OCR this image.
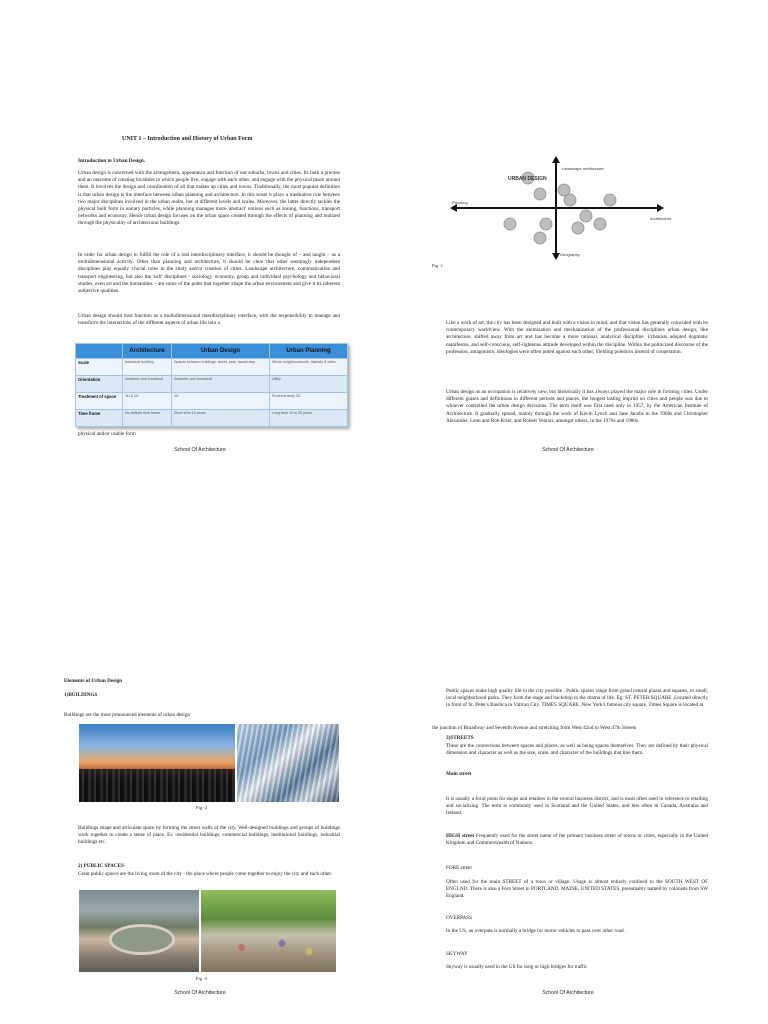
UNIT 1 – Introduction and History of Urban Form

Introduction to Urban Design.

Urban design is concerned with the arrangement, appearance and function of our suburbs, towns and cities. Its both a process and an outcome of creating localities in which people live, engage with each other, and engage with the physical place around them. It involves the design and coordination of all that makes up cities and towns. Traditionally, the most popular definition is that urban design is the interface between urban planning and architecture. In this sense it plays a meditative role between two major disciplines involved in the urban realm, but at different levels and scales. Moreover, the latter directly tackles the physical built form in unitary particles, while planning manages more 'abstract' notions such as zoning, functions, transport networks and economy. Hence urban design focuses on the urban space created through the effects of planning and realized through the physicality of architectural buildings.

In order for urban design to fulfill the role of a real interdisciplinary interface, it should be thought of – and taught – as a multidimensional activity. Other than planning and architecture, it should be clear that other seemingly independent disciplines play equally crucial roles in the study and/or creation of cities. Landscape architecture, communication and transport engineering, but also the 'soft' disciplines - sociology, economy, group and individual psychology and behavioral studies, even art and the humanities – are some of the poles that together shape the urban environment and give it its inherent subjective qualities.

Urban design should thus function as a multidimensional interdisciplinary interface, with the responsibility to manage and transform the interactions of the different aspects of urban life into a

	Architecture	Urban Design	Urban Planning
Scale	Individual building	Spaces between buildings: street, park, transit stop	Whole neighbourhoods, districts & cities
Orientation	Aesthetic and functional	Aesthetic and functional	Utility
Treatment of space	3D & 2D	3D	Predominantly 2D
Time frame	No definite time frame	Short term 10 years	Long term 15 to 20 years

physical and/or usable form

School Of Architecture
URBAN DESIGN
Landscape architecture
Planning
Architecture
Geography
Fig -1

Like a work of art, the city has been designed and built with a vision in mind, and that vision has generally coincided with its contemporary worldview. With the atomization and mechanization of the professional disciplines urban design, like architecture, shifted away from art and has become a more rational, analytical discipline. Urbanists adopted dogmatic manifestos, and self-conscious, self-righteous attitude developed within the discipline. Within the politicized discourse of the profession, antagonistic ideologies were often pitted against each other, Yielding polemics instead of cooperation.

Urban design as an occupation is relatively new, but historically it has always played the major role in forming cities. Under different guises and definitions in different periods and places, the longest lasting imprint on cities and people was due to whoever controlled the urban design decisions. The term itself was first used only in 1957, by the American Institute of Architecture. It gradually spread, mainly through the work of Kevin Lynch and Jane Jacobs in the 1960s and Christopher Alexander, Leon and Rob Krier, and Robert Venturi, amongst others, in the 1970s and 1980s.

School Of Architecture

Elements of Urban Design

1)BUILDINGS

Buildings are the most pronounced elements of urban design

Fig -2

Buildings shape and articulate space by forming the street walls of the city. Well-designed buildings and groups of buildings work together to create a sense of place. Ex -residential buildings, commercial buildings, institutional buildings, industrial buildings etc.

2) PUBLIC SPACES

Great public spaces are the living room of the city - the place where people come together to enjoy the city and each other.

Fig -3
School Of Architecture

Public spaces make high quality life in the city possible . Public spaces range from grand central plazas and squares, to small, local neighborhood parks. They form the stage and backdrop to the drama of life. Eg: ST. PETER SQUARE ,Located directly in front of St. Peter's Basilica in Vatican City. TIMES SQUARE ,New York's famous city square, Times Square is located at

the junction of Broadway and Seventh Avenue and stretching from West 42nd to West 47th Streets

3)STREETS

These are the connections between spaces and places, as well as being spaces themselves. They are defined by their physical dimension and character as well as the size, scale, and character of the buildings that line them.

Main street

It is usually a focal point for shops and retailers in the central business district, and is most often used in reference to retailing and socializing. The term is commonly used in Scotland and the United States, and less often in Canada, Australia and Ireland.

HIGH street Frequently used for the street name of the primary business street of towns or cities, especially in the United Kingdom and Commonwealth of Nations.

FORE street

Often used for the main STREET of a town or village. Usage is almost entirely confined to the SOUTH WEST OF ENGLND. There is also a Fore Street in PORTLAND, MAINE, UNITED STATES, presumably named by colonists from SW England.

OVERPASS

In the US, an overpass is normally a bridge for motor vehicles to pass over other road .

SKYWAY

Skyway is usually used in the US for long or high bridges for traffic

School Of Architecture
